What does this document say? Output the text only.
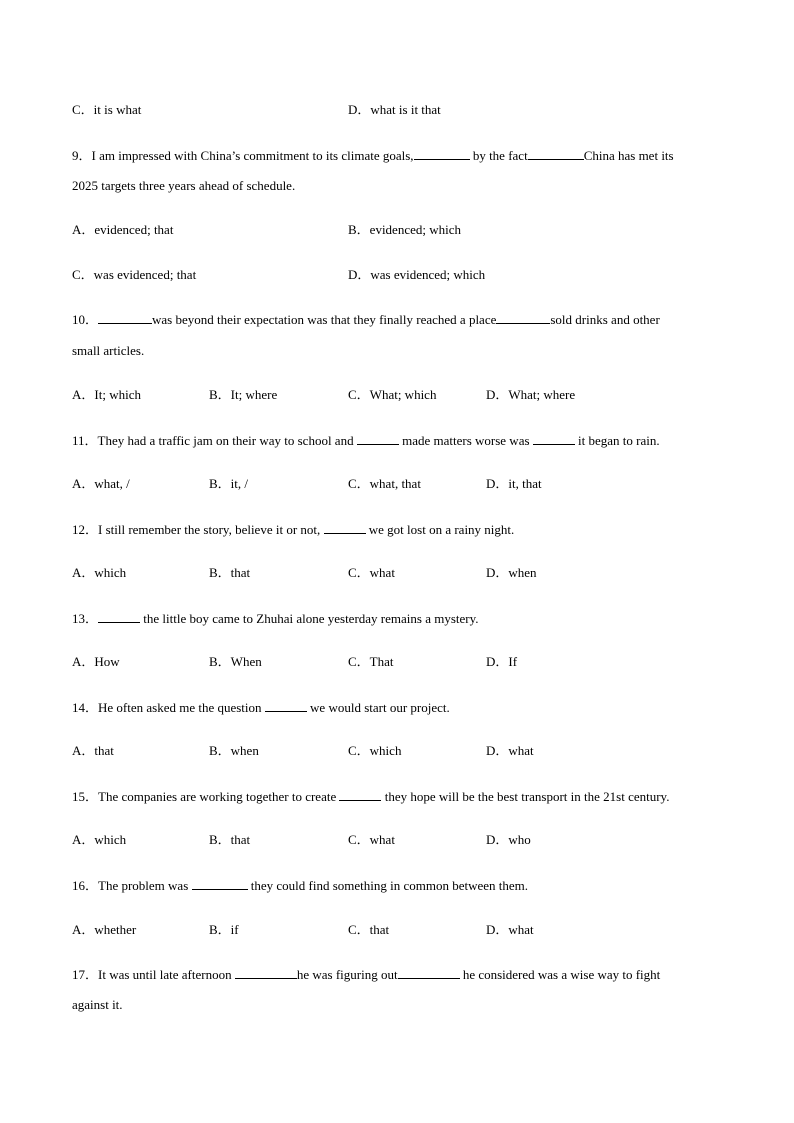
C．it is what	D．what is it that
9．I am impressed with China’s commitment to its climate goals,	by the fact	China has met its
2025 targets three years ahead of schedule.
A．evidenced; that	B．evidenced; which
C．was evidenced; that	D．was evidenced; which
10．	was beyond their expectation was that they finally reached a place	sold drinks and other
small articles.
A．It; which	B．It; where	C．What; which	D．What; where
11．They had a traffic jam on their way to school and	made matters worse was	it began to rain.
A．what, /	B．it, /	C．what, that	D．it, that
12．I still remember the story, believe it or not,	we got lost on a rainy night.
A．which	B．that	C．what	D．when
13．	the little boy came to Zhuhai alone yesterday remains a mystery.
A．How	B．When	C．That	D．If
14．He often asked me the question	we would start our project.
A．that	B．when	C．which	D．what
15．The companies are working together to create	they hope will be the best transport in the 21st century.
A．which	B．that	C．what	D．who
16．The problem was	they could find something in common between them.
A．whether	B．if	C．that	D．what
17．It was until late afternoon	he was figuring out	he considered was a wise way to fight
against it.
